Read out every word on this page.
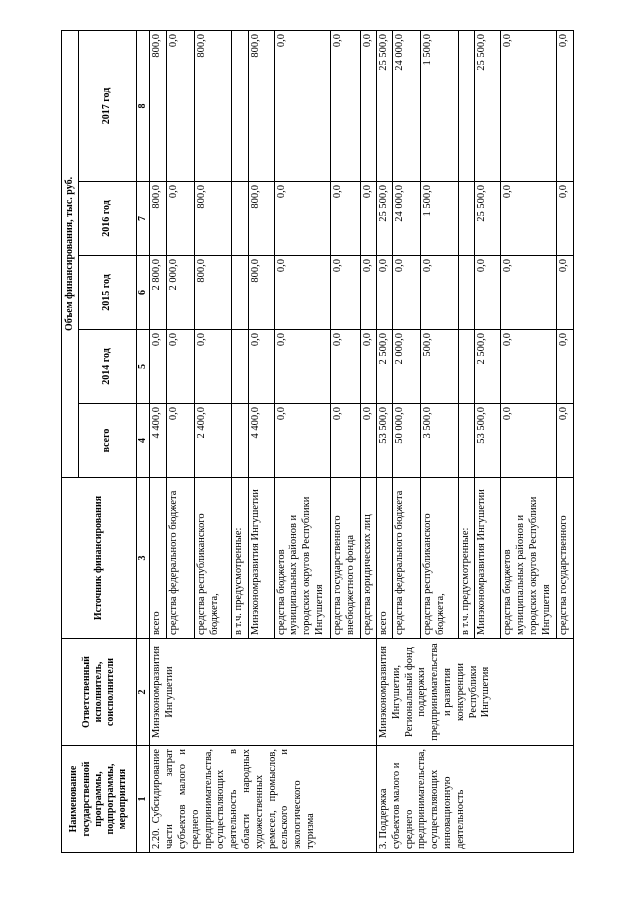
Наименование государственной программы, подпрограммы, мероприятия	Ответственный исполнитель, соисполнители	Источник финансирования	Объем финансирования, тыс. руб.				
			всего	2014 год	2015 год	2016 год	2017 год
1	2	3	4	5	6	7	8
2.20. Субсидирование части затрат субъектов малого и среднего предпринимательства, осуществляющих деятельность в области народных художественных ремесел, промыслов, сельского и экологического туризма	Минэкономразвития Ингушетии	всего	4 400,0	0,0	2 800,0	800,0	800,0
		средства федерального бюджета	0,0	0,0	2 000,0	0,0	0,0
		средства республиканского бюджета,	2 400,0	0,0	800,0	800,0	800,0
		в т.ч. предусмотренные:					
		Минэкономразвития Ингушетии	4 400,0	0,0	800,0	800,0	800,0
		средства бюджетов муниципальных районов и городских округов Республики Ингушетия	0,0	0,0	0,0	0,0	0,0
		средства государственного внебюджетного фонда	0,0	0,0	0,0	0,0	0,0
		средства юридических лиц	0,0	0,0	0,0	0,0	0,0
3. Поддержка субъектов малого и среднего предпринимательства, осуществляющих инновационную деятельность	Минэкономразвития Ингушетии, Региональный фонд поддержки предпринимательства и развития конкуренции Республики Ингушетия	всего	53 500,0	2 500,0	0,0	25 500,0	25 500,0
		средства федерального бюджета	50 000,0	2 000,0	0,0	24 000,0	24 000,0
		средства республиканского бюджета,	3 500,0	500,0	0,0	1 500,0	1 500,0
		в т.ч. предусмотренные:					
		Минэкономразвития Ингушетии	53 500,0	2 500,0	0,0	25 500,0	25 500,0
		средства бюджетов муниципальных районов и городских округов Республики Ингушетия	0,0	0,0	0,0	0,0	0,0
		средства государственного	0,0	0,0	0,0	0,0	0,0
